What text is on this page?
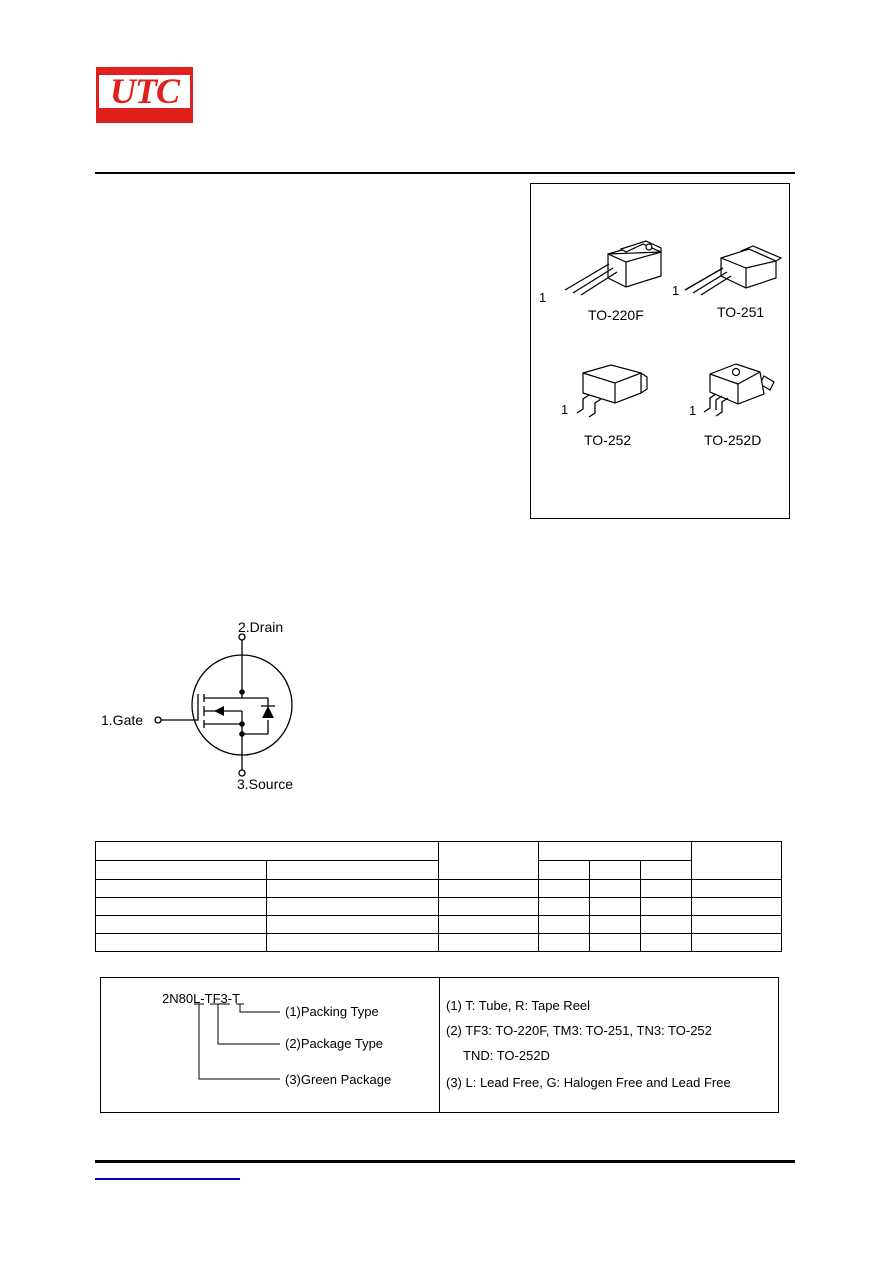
UTC
1
TO-220F
1
TO-251
1
TO-252
1
TO-252D
2.Drain
1.Gate
3.Source

2N80L-TF3-T
(1)Packing Type
(2)Package Type
(3)Green Package
(1) T: Tube, R: Tape Reel
(2) TF3: TO-220F, TM3: TO-251, TN3: TO-252
TND: TO-252D
(3) L: Lead Free, G: Halogen Free and Lead Free
